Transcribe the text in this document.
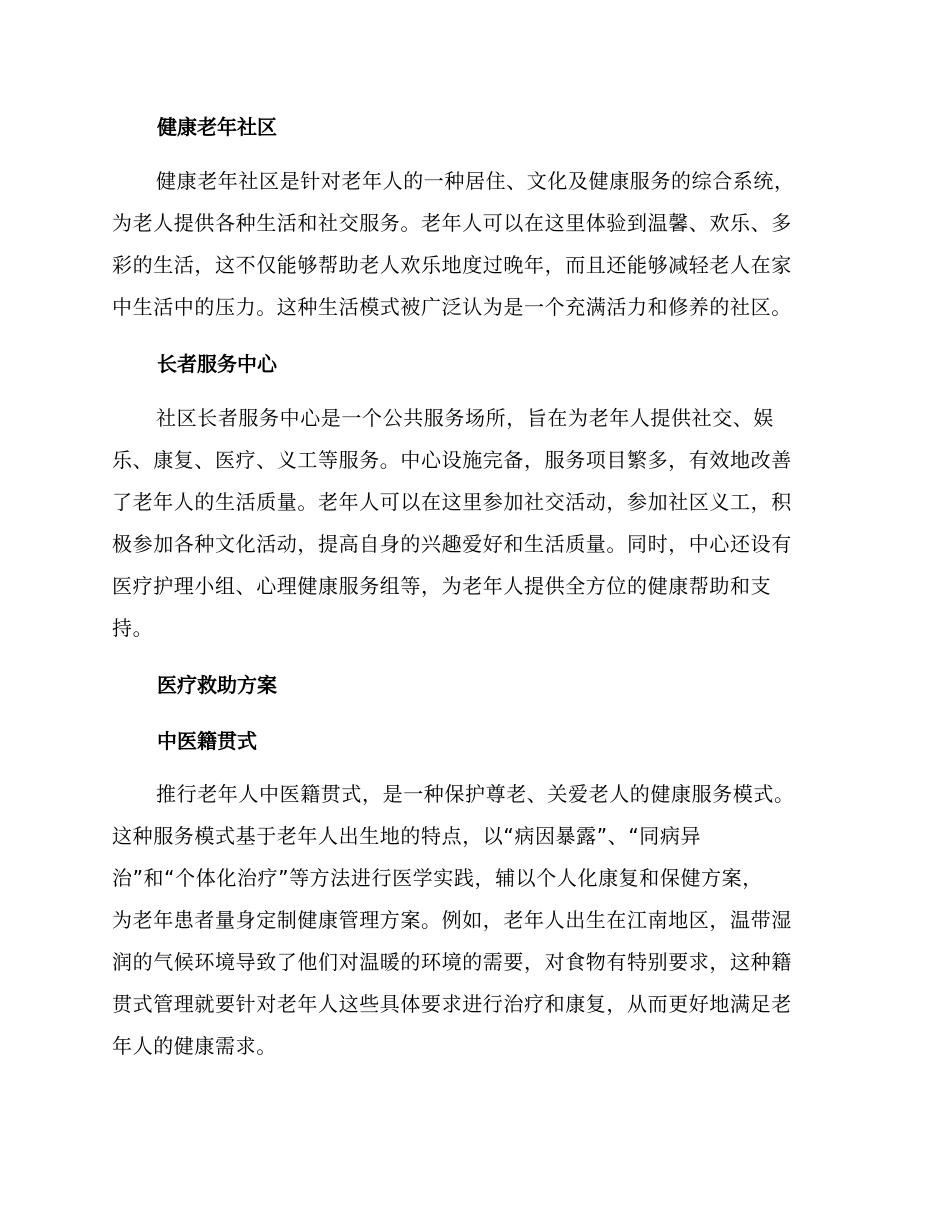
健康老年社区
健康老年社区是针对老年人的一种居住、文化及健康服务的综合系统，
为老人提供各种生活和社交服务。老年人可以在这里体验到温馨、欢乐、多
彩的生活，这不仅能够帮助老人欢乐地度过晚年，而且还能够减轻老人在家
中生活中的压力。这种生活模式被广泛认为是一个充满活力和修养的社区。
长者服务中心
社区长者服务中心是一个公共服务场所，旨在为老年人提供社交、娱
乐、康复、医疗、义工等服务。中心设施完备，服务项目繁多，有效地改善
了老年人的生活质量。老年人可以在这里参加社交活动，参加社区义工，积
极参加各种文化活动，提高自身的兴趣爱好和生活质量。同时，中心还设有
医疗护理小组、心理健康服务组等，为老年人提供全方位的健康帮助和支
持。
医疗救助方案
中医籍贯式
推行老年人中医籍贯式，是一种保护尊老、关爱老人的健康服务模式。
这种服务模式基于老年人出生地的特点，以“病因暴露”、“同病异
治”和“个体化治疗”等方法进行医学实践，辅以个人化康复和保健方案，
为老年患者量身定制健康管理方案。例如，老年人出生在江南地区，温带湿
润的气候环境导致了他们对温暖的环境的需要，对食物有特别要求，这种籍
贯式管理就要针对老年人这些具体要求进行治疗和康复，从而更好地满足老
年人的健康需求。
